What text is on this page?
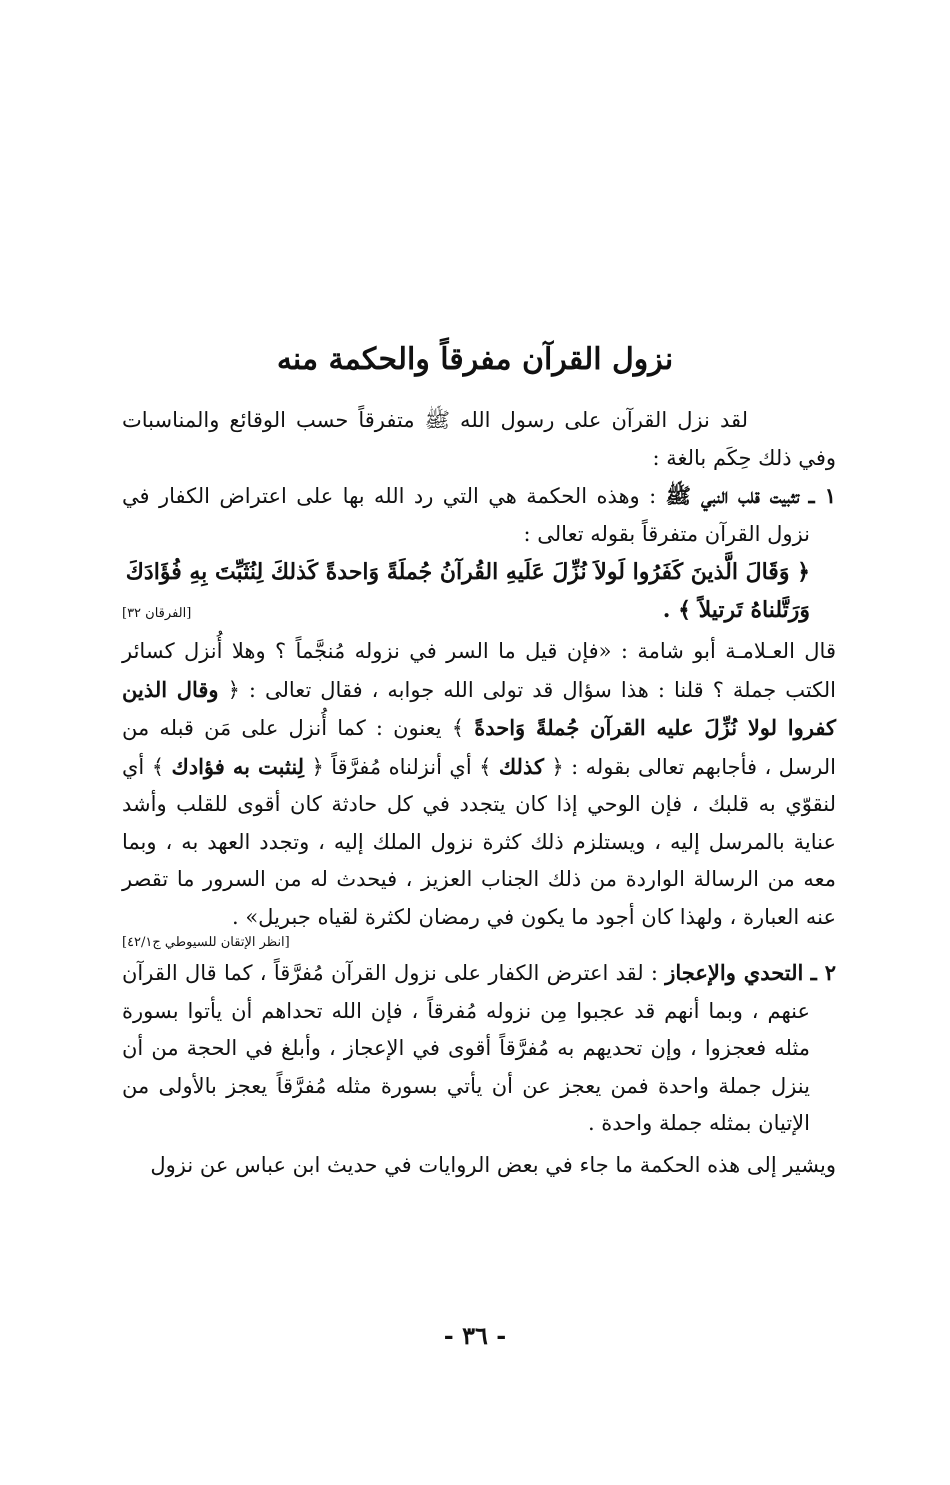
نزول القرآن مفرقاً والحكمة منه

لقد نزل القرآن على رسول الله ﷺ متفرقاً حسب الوقائع والمناسبات وفي ذلك حِكَم بالغة :

١ ـ تثبيت قلب النبي ﷺ : وهذه الحكمة هي التي رد الله بها على اعتراض الكفار في نزول القرآن متفرقاً بقوله تعالى :

﴿ وَقَالَ الَّذينَ كَفَرُوا لَولاَ نُزِّلَ عَلَيهِ القُرآنُ جُملَةً وَاحدةً كَذلكَ لِنُثَبِّتَ بِهِ فُؤَادَكَ
وَرَتَّلناهُ تَرتيلاً ﴾ .
[الفرقان ٣٢]

قال العـلامـة أبو شامة : «فإن قيل ما السر في نزوله مُنجَّماً ؟ وهلا أُنزل كسائر الكتب جملة ؟ قلنا : هذا سؤال قد تولى الله جوابه ، فقال تعالى : ﴿ وقال الذين كفروا لولا نُزِّلَ عليه القرآن جُملةً وَاحدةً ﴾ يعنون : كما أُنزل على مَن قبله من الرسل ، فأجابهم تعالى بقوله : ﴿ كذلك ﴾ أي أنزلناه مُفرَّقاً ﴿ لِنثبت به فؤادك ﴾ أي لنقوّي به قلبك ، فإن الوحي إذا كان يتجدد في كل حادثة كان أقوى للقلب وأشد عناية بالمرسل إليه ، ويستلزم ذلك كثرة نزول الملك إليه ، وتجدد العهد به ، وبما معه من الرسالة الواردة من ذلك الجناب العزيز ، فيحدث له من السرور ما تقصر عنه العبارة ، ولهذا كان أجود ما يكون في رمضان لكثرة لقياه جبريل» .

[انظر الإتقان للسيوطي ج٤٢/١]

٢ ـ التحدي والإعجاز : لقد اعترض الكفار على نزول القرآن مُفرَّقاً ، كما قال القرآن عنهم ، وبما أنهم قد عجبوا مِن نزوله مُفرقاً ، فإن الله تحداهم أن يأتوا بسورة مثله فعجزوا ، وإن تحديهم به مُفرَّقاً أقوى في الإعجاز ، وأبلغ في الحجة من أن ينزل جملة واحدة فمن يعجز عن أن يأتي بسورة مثله مُفرَّقاً يعجز بالأولى من الإتيان بمثله جملة واحدة .

ويشير إلى هذه الحكمة ما جاء في بعض الروايات في حديث ابن عباس عن نزول

- ٣٦ -
